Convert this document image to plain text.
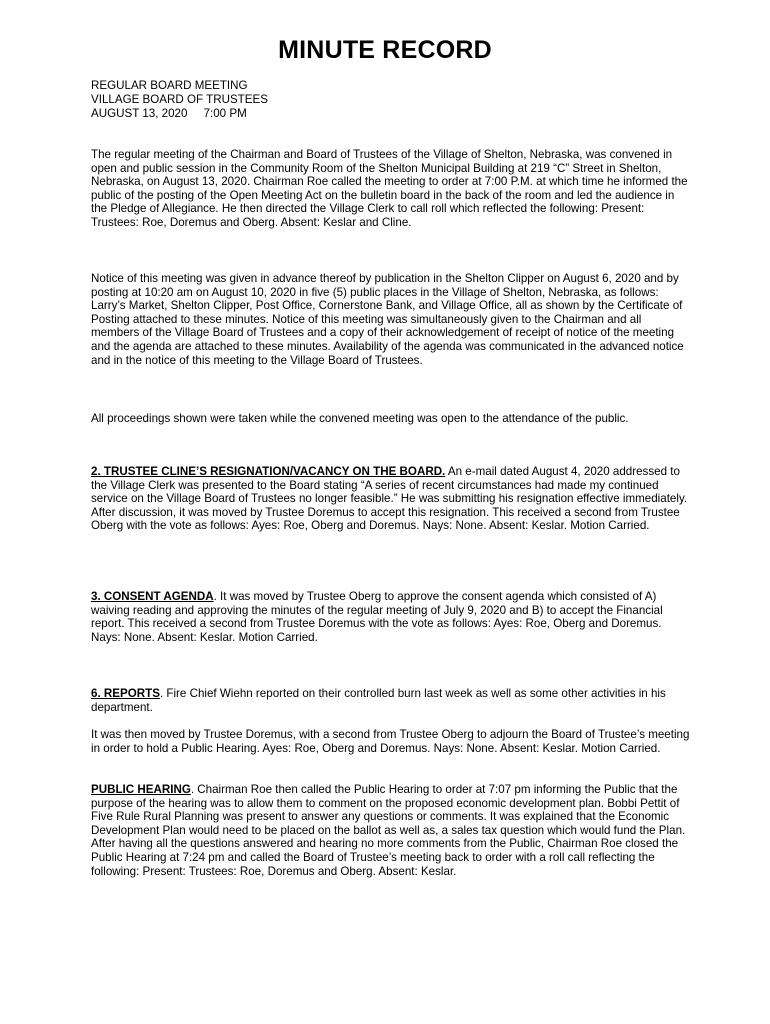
MINUTE RECORD
REGULAR BOARD MEETING
VILLAGE BOARD OF TRUSTEES
AUGUST 13, 2020     7:00 PM

The regular meeting of the Chairman and Board of Trustees of the Village of Shelton, Nebraska, was convened in open and public session in the Community Room of the Shelton Municipal Building at 219 “C” Street in Shelton, Nebraska, on August 13, 2020. Chairman Roe called the meeting to order at 7:00 P.M. at which time he informed the public of the posting of the Open Meeting Act on the bulletin board in the back of the room and led the audience in the Pledge of Allegiance. He then directed the Village Clerk to call roll which reflected the following: Present: Trustees: Roe, Doremus and Oberg. Absent: Keslar and Cline.

Notice of this meeting was given in advance thereof by publication in the Shelton Clipper on August 6, 2020 and by posting at 10:20 am on August 10, 2020 in five (5) public places in the Village of Shelton, Nebraska, as follows: Larry’s Market, Shelton Clipper, Post Office, Cornerstone Bank, and Village Office, all as shown by the Certificate of Posting attached to these minutes. Notice of this meeting was simultaneously given to the Chairman and all members of the Village Board of Trustees and a copy of their acknowledgement of receipt of notice of the meeting and the agenda are attached to these minutes. Availability of the agenda was communicated in the advanced notice and in the notice of this meeting to the Village Board of Trustees.

All proceedings shown were taken while the convened meeting was open to the attendance of the public.

2. TRUSTEE CLINE’S RESIGNATION/VACANCY ON THE BOARD. An e-mail dated August 4, 2020 addressed to the Village Clerk was presented to the Board stating “A series of recent circumstances had made my continued service on the Village Board of Trustees no longer feasible.” He was submitting his resignation effective immediately. After discussion, it was moved by Trustee Doremus to accept this resignation. This received a second from Trustee Oberg with the vote as follows: Ayes: Roe, Oberg and Doremus. Nays: None. Absent: Keslar. Motion Carried.

3. CONSENT AGENDA. It was moved by Trustee Oberg to approve the consent agenda which consisted of A) waiving reading and approving the minutes of the regular meeting of July 9, 2020 and B) to accept the Financial report. This received a second from Trustee Doremus with the vote as follows: Ayes: Roe, Oberg and Doremus. Nays: None. Absent: Keslar. Motion Carried.

6. REPORTS. Fire Chief Wiehn reported on their controlled burn last week as well as some other activities in his department.

It was then moved by Trustee Doremus, with a second from Trustee Oberg to adjourn the Board of Trustee’s meeting in order to hold a Public Hearing. Ayes: Roe, Oberg and Doremus. Nays: None. Absent: Keslar. Motion Carried.

PUBLIC HEARING. Chairman Roe then called the Public Hearing to order at 7:07 pm informing the Public that the purpose of the hearing was to allow them to comment on the proposed economic development plan. Bobbi Pettit of Five Rule Rural Planning was present to answer any questions or comments. It was explained that the Economic Development Plan would need to be placed on the ballot as well as, a sales tax question which would fund the Plan. After having all the questions answered and hearing no more comments from the Public, Chairman Roe closed the Public Hearing at 7:24 pm and called the Board of Trustee’s meeting back to order with a roll call reflecting the following: Present: Trustees: Roe, Doremus and Oberg. Absent: Keslar.
